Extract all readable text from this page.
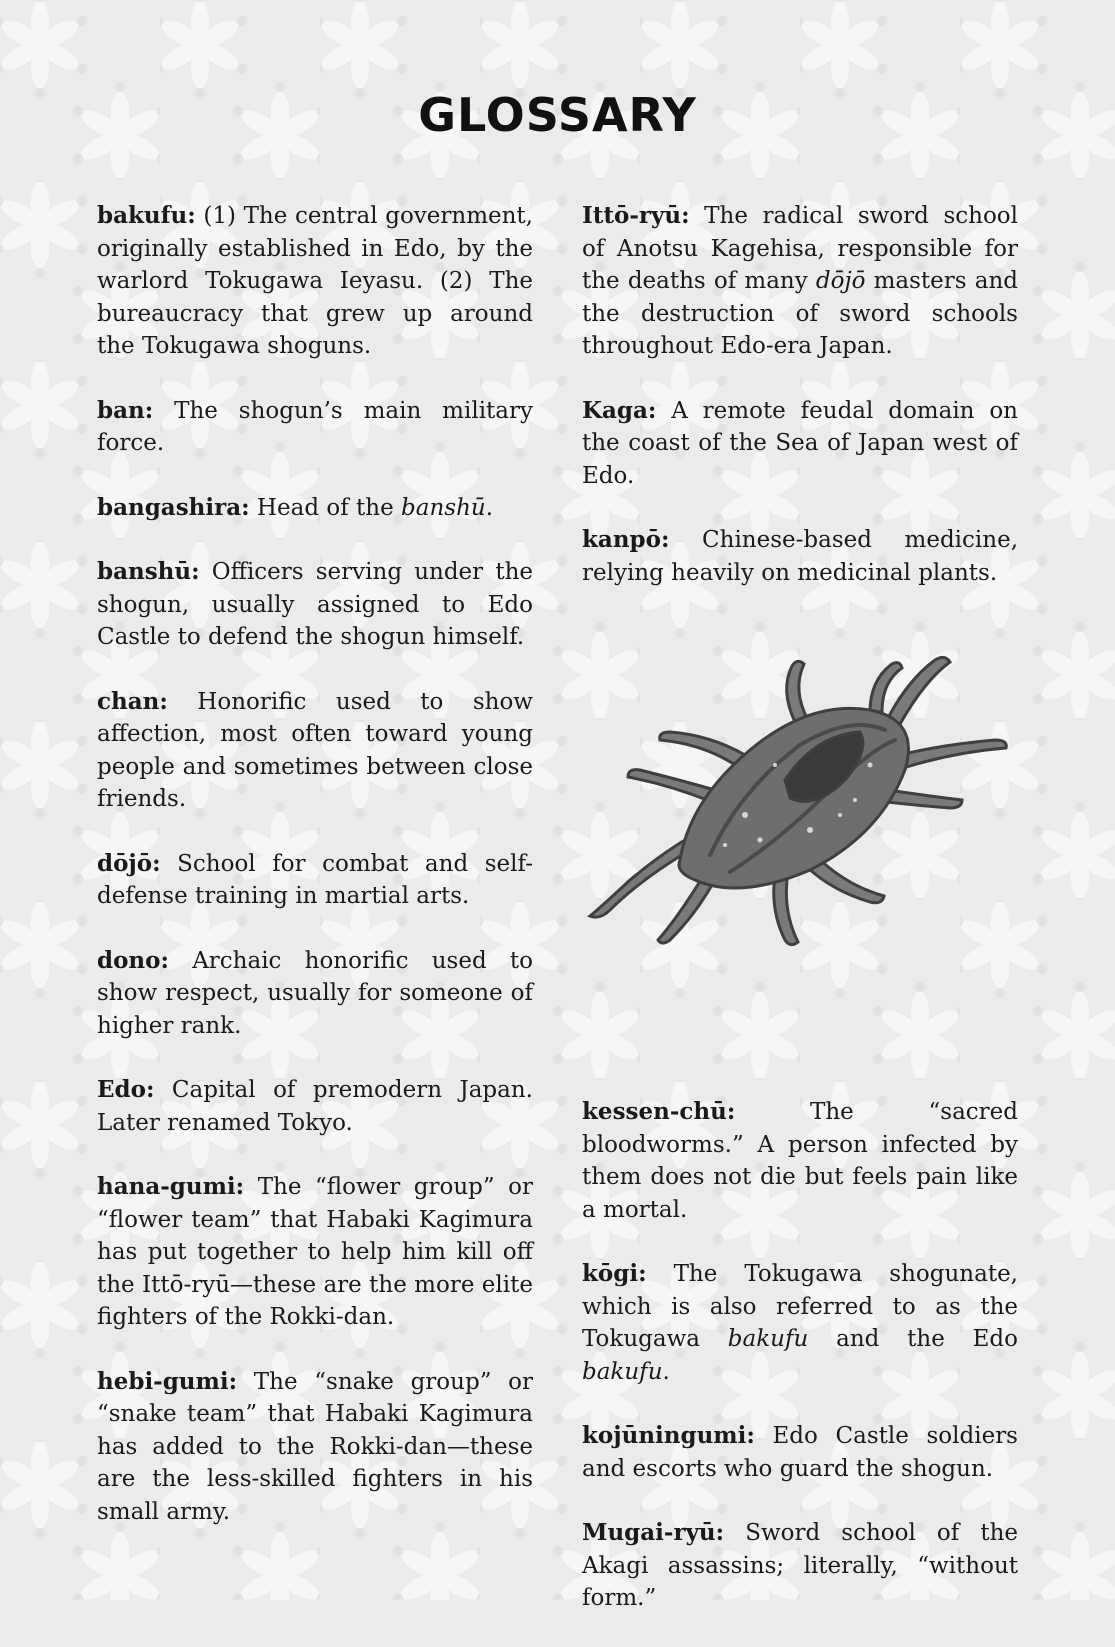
GLOSSARY

bakufu: (1) The central government, originally established in Edo, by the warlord Tokugawa Ieyasu. (2) The bureaucracy that grew up around the Tokugawa shoguns.

ban: The shogun’s main military force.

bangashira: Head of the banshū.

banshū: Officers serving under the shogun, usually assigned to Edo Castle to defend the shogun himself.

chan: Honorific used to show affection, most often toward young people and sometimes between close friends.

dōjō: School for combat and self-defense training in martial arts.

dono: Archaic honorific used to show respect, usually for someone of higher rank.

Edo: Capital of premodern Japan. Later renamed Tokyo.

hana-gumi: The “flower group” or “flower team” that Habaki Kagimura has put together to help him kill off the Ittō-ryū—these are the more elite fighters of the Rokki-dan.

hebi-gumi: The “snake group” or “snake team” that Habaki Kagimura has added to the Rokki-dan—these are the less-skilled fighters in his small army.

Ittō-ryū: The radical sword school of Anotsu Kagehisa, responsible for the deaths of many dōjō masters and the destruction of sword schools throughout Edo-era Japan.

Kaga: A remote feudal domain on the coast of the Sea of Japan west of Edo.

kanpō: Chinese-based medicine, relying heavily on medicinal plants.

kessen-chū: The “sacred bloodworms.” A person infected by them does not die but feels pain like a mortal.

kōgi: The Tokugawa shogunate, which is also referred to as the Tokugawa bakufu and the Edo bakufu.

kojūningumi: Edo Castle soldiers and escorts who guard the shogun.

Mugai-ryū: Sword school of the Akagi assassins; literally, “without form.”
